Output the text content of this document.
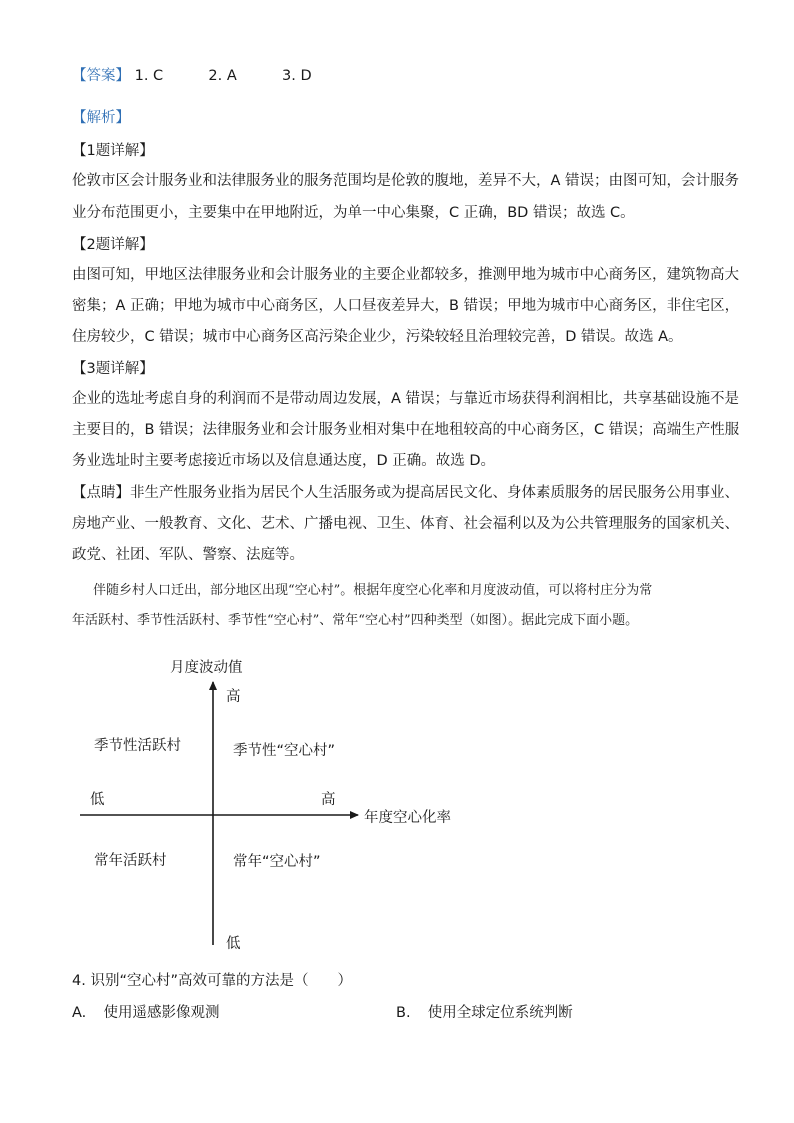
【答案】 1. C	2. A	3. D
【解析】
【1题详解】
伦敦市区会计服务业和法律服务业的服务范围均是伦敦的腹地，差异不大，A 错误；由图可知，会计服务
业分布范围更小，主要集中在甲地附近，为单一中心集聚，C 正确，BD 错误；故选 C。
【2题详解】
由图可知，甲地区法律服务业和会计服务业的主要企业都较多，推测甲地为城市中心商务区，建筑物高大
密集；A 正确；甲地为城市中心商务区，人口昼夜差异大，B 错误；甲地为城市中心商务区，非住宅区，
住房较少，C 错误；城市中心商务区高污染企业少，污染较轻且治理较完善，D 错误。故选 A。
【3题详解】
企业的选址考虑自身的利润而不是带动周边发展，A 错误；与靠近市场获得利润相比，共享基础设施不是
主要目的，B 错误；法律服务业和会计服务业相对集中在地租较高的中心商务区，C 错误；高端生产性服
务业选址时主要考虑接近市场以及信息通达度，D 正确。故选 D。
【点睛】非生产性服务业指为居民个人生活服务或为提高居民文化、身体素质服务的居民服务公用事业、
房地产业、一般教育、文化、艺术、广播电视、卫生、体育、社会福利以及为公共管理服务的国家机关、
政党、社团、军队、警察、法庭等。
伴随乡村人口迁出，部分地区出现“空心村”。根据年度空心化率和月度波动值，可以将村庄分为常
年活跃村、季节性活跃村、季节性“空心村”、常年“空心村”四种类型（如图）。据此完成下面小题。
月度波动值
高
低
低	高
年度空心化率
季节性活跃村	季节性“空心村”
常年活跃村	常年“空心村”
4. 识别“空心村”高效可靠的方法是（　　）
A. 使用遥感影像观测	B. 使用全球定位系统判断
